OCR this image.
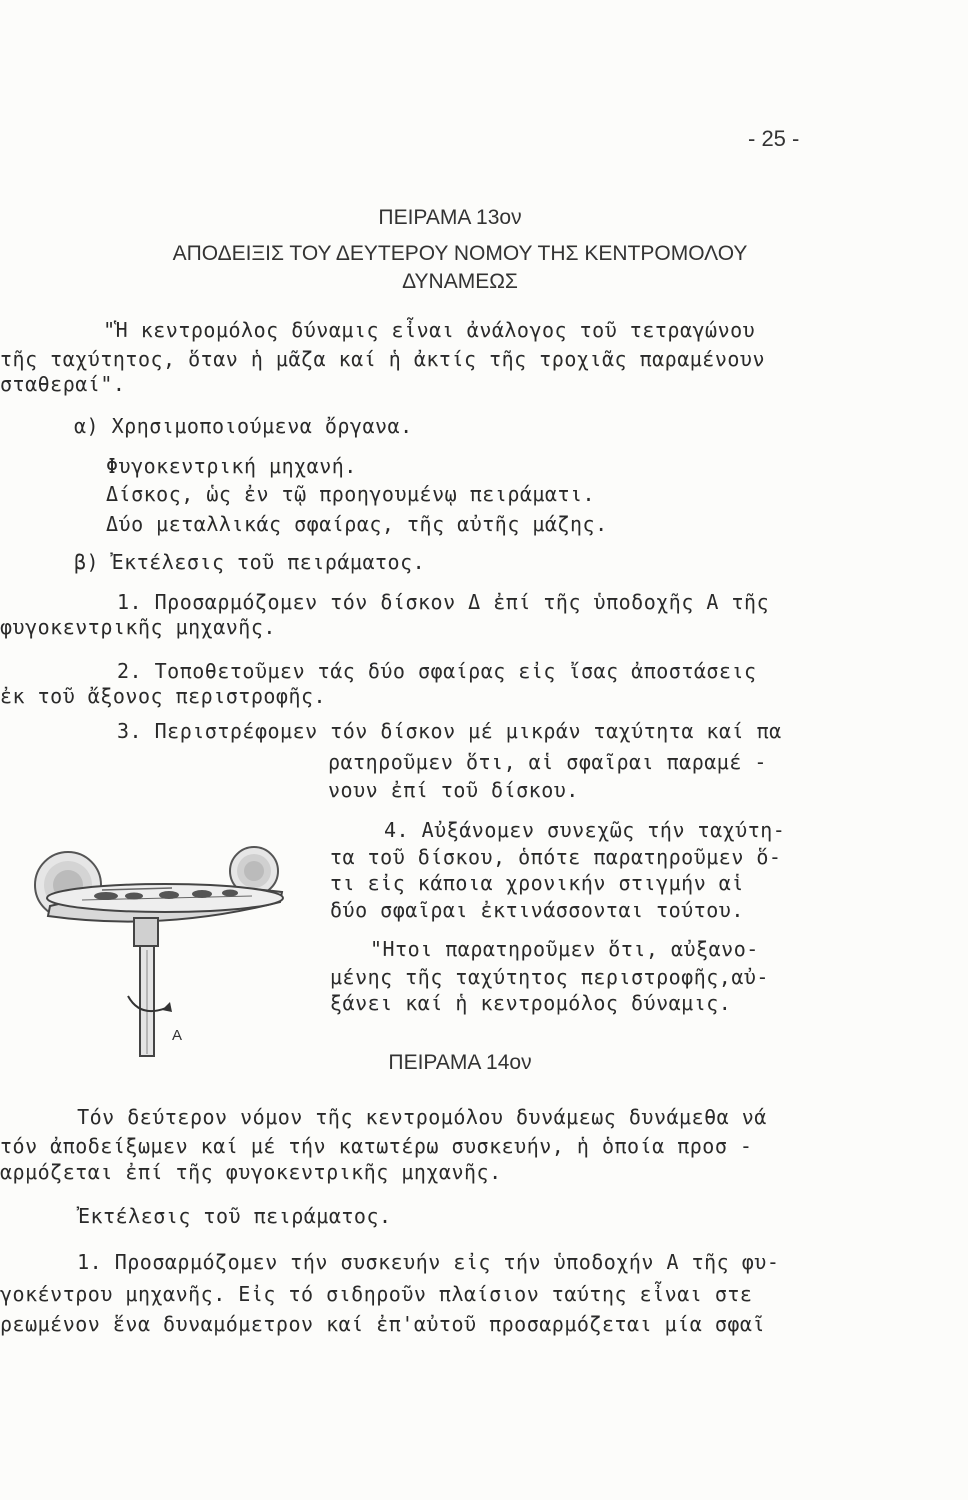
- 25 -
ΠΕΙΡΑΜΑ 13ον
ΑΠΟΔΕΙΞΙΣ ΤΟΥ ΔΕΥΤΕΡΟΥ ΝΟΜΟΥ ΤΗΣ ΚΕΝΤΡΟΜΟΛΟΥ
ΔΥΝΑΜΕΩΣ
"Ἡ κεντρομόλος δύναμις εἶναι ἀνάλογος τοῦ τετραγώνου
τῆς ταχύτητος, ὅταν ἡ μᾶζα καί ἡ ἀκτίς τῆς τροχιᾶς παραμένουν
σταθεραί".
α) Χρησιμοποιούμενα ὄργανα.
Φυγοκεντρική μηχανή.
Δίσκος, ὡς ἐν τῷ προηγουμένῳ πειράματι.
Δύο μεταλλικάς σφαίρας, τῆς αὐτῆς μάζης.
β) Ἐκτέλεσις τοῦ πειράματος.
1. Προσαρμόζομεν τόν δίσκον Δ ἐπί τῆς ὑποδοχῆς Α τῆς
φυγοκεντρικῆς μηχανῆς.
2. Τοποθετοῦμεν τάς δύο σφαίρας εἰς ἴσας ἀποστάσεις
ἐκ τοῦ ἄξονος περιστροφῆς.
3. Περιστρέφομεν τόν δίσκον μέ μικράν ταχύτητα καί πα
ρατηροῦμεν ὅτι, αἱ σφαῖραι παραμέ -
νουν ἐπί τοῦ δίσκου.
4. Αὐξάνομεν συνεχῶς τήν ταχύτη-
τα τοῦ δίσκου, ὁπότε παρατηροῦμεν ὅ-
τι εἰς κάποια χρονικήν στιγμήν αἱ
δύο σφαῖραι ἐκτινάσσονται τούτου.
"Ητοι παρατηροῦμεν ὅτι, αὐξανο-
μένης τῆς ταχύτητος περιστροφῆς,αὐ-
ξάνει καί ἡ κεντρομόλος δύναμις.
Α
ΠΕΙΡΑΜΑ 14ον
Τόν δεύτερον νόμον τῆς κεντρομόλου δυνάμεως δυνάμεθα νά
τόν ἀποδείξωμεν καί μέ τήν κατωτέρω συσκευήν, ἡ ὁποία προσ -
αρμόζεται ἐπί τῆς φυγοκεντρικῆς μηχανῆς.
Ἐκτέλεσις τοῦ πειράματος.
1. Προσαρμόζομεν τήν συσκευήν εἰς τήν ὑποδοχήν Α τῆς φυ-
γοκέντρου μηχανῆς. Εἰς τό σιδηροῦν πλαίσιον ταύτης εἶναι στε
ρεωμένον ἕνα δυναμόμετρον καί ἐπ'αὐτοῦ προσαρμόζεται μία σφαῖ
